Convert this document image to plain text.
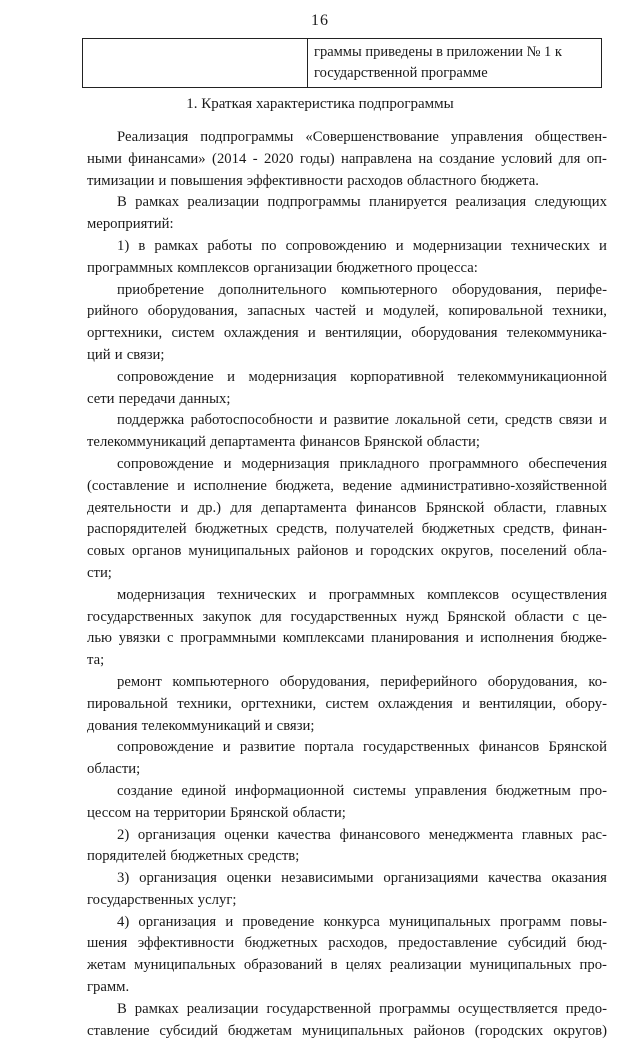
16

граммы приведены в приложении № 1 к
государственной программе
1. Краткая характеристика подпрограммы
Реализация подпрограммы «Совершенствование управления обществен-
ными финансами» (2014 - 2020 годы) направлена на создание условий для оп-
тимизации и повышения эффективности расходов областного бюджета.
В рамках реализации подпрограммы планируется реализация следующих
мероприятий:
1) в рамках работы по сопровождению и модернизации технических и
программных комплексов организации бюджетного процесса:
приобретение дополнительного компьютерного оборудования, перифе-
рийного оборудования, запасных частей и модулей, копировальной техники,
оргтехники, систем охлаждения и вентиляции, оборудования телекоммуника-
ций и связи;
сопровождение и модернизация корпоративной телекоммуникационной
сети передачи данных;
поддержка работоспособности и развитие локальной сети, средств связи и
телекоммуникаций департамента финансов Брянской области;
сопровождение и модернизация прикладного программного обеспечения
(составление и исполнение бюджета, ведение административно-хозяйственной
деятельности и др.) для департамента финансов Брянской области, главных
распорядителей бюджетных средств, получателей бюджетных средств, финан-
совых органов муниципальных районов и городских округов, поселений обла-
сти;
модернизация технических и программных комплексов осуществления
государственных закупок для государственных нужд Брянской области с це-
лью увязки с программными комплексами планирования и исполнения бюдже-
та;
ремонт компьютерного оборудования, периферийного оборудования, ко-
пировальной техники, оргтехники, систем охлаждения и вентиляции, обору-
дования телекоммуникаций и связи;
сопровождение и развитие портала государственных финансов Брянской
области;
создание единой информационной системы управления бюджетным про-
цессом на территории Брянской области;
2) организация оценки качества финансового менеджмента главных рас-
порядителей бюджетных средств;
3) организация оценки независимыми организациями качества оказания
государственных услуг;
4) организация и проведение конкурса муниципальных программ повы-
шения эффективности бюджетных расходов, предоставление субсидий бюд-
жетам муниципальных образований в целях реализации муниципальных про-
грамм.
В рамках реализации государственной программы осуществляется предо-
ставление субсидий бюджетам муниципальных районов (городских округов)
